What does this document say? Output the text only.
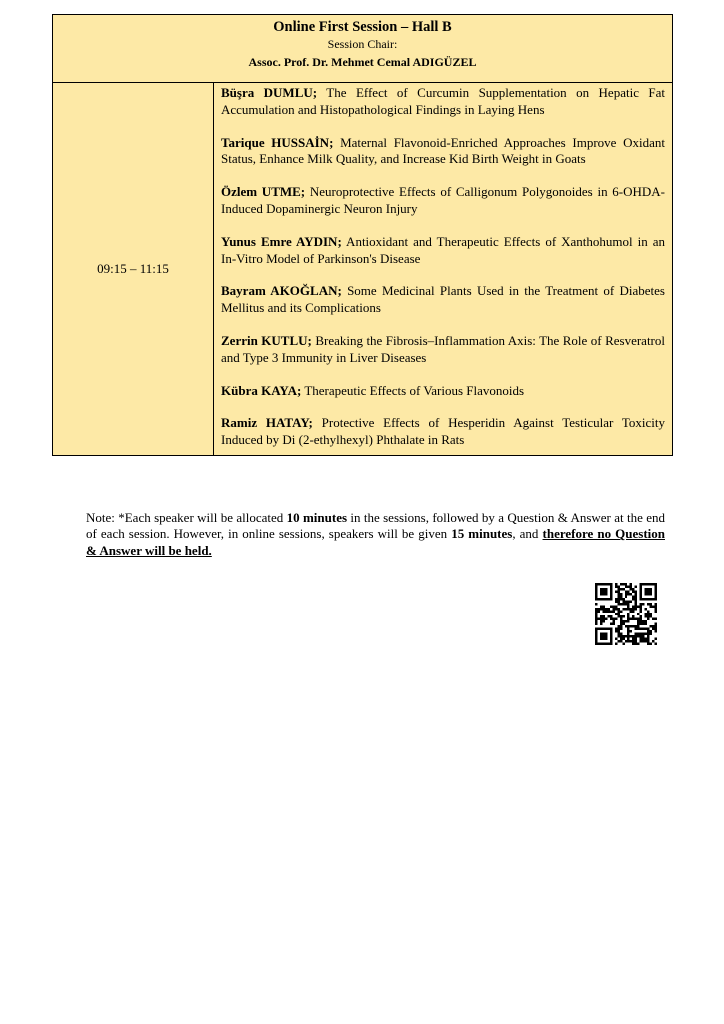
Online First Session – Hall B
Session Chair:
Assoc. Prof. Dr. Mehmet Cemal ADIGÜZEL

09:15 – 11:15	

Büşra DUMLU; The Effect of Curcumin Supplementation on Hepatic Fat Accumulation and Histopathological Findings in Laying Hens

Tarique HUSSAİN; Maternal Flavonoid-Enriched Approaches Improve Oxidant Status, Enhance Milk Quality, and Increase Kid Birth Weight in Goats

Özlem UTME; Neuroprotective Effects of Calligonum Polygonoides in 6-OHDA-Induced Dopaminergic Neuron Injury

Yunus Emre AYDIN; Antioxidant and Therapeutic Effects of Xanthohumol in an In-Vitro Model of Parkinson's Disease

Bayram AKOĞLAN; Some Medicinal Plants Used in the Treatment of Diabetes Mellitus and its Complications

Zerrin KUTLU; Breaking the Fibrosis–Inflammation Axis: The Role of Resveratrol and Type 3 Immunity in Liver Diseases

Kübra KAYA; Therapeutic Effects of Various Flavonoids

Ramiz HATAY; Protective Effects of Hesperidin Against Testicular Toxicity Induced by Di (2-ethylhexyl) Phthalate in Rats

Note: *Each speaker will be allocated 10 minutes in the sessions, followed by a Question & Answer at the end of each session. However, in online sessions, speakers will be given 15 minutes, and therefore no Question & Answer will be held.
